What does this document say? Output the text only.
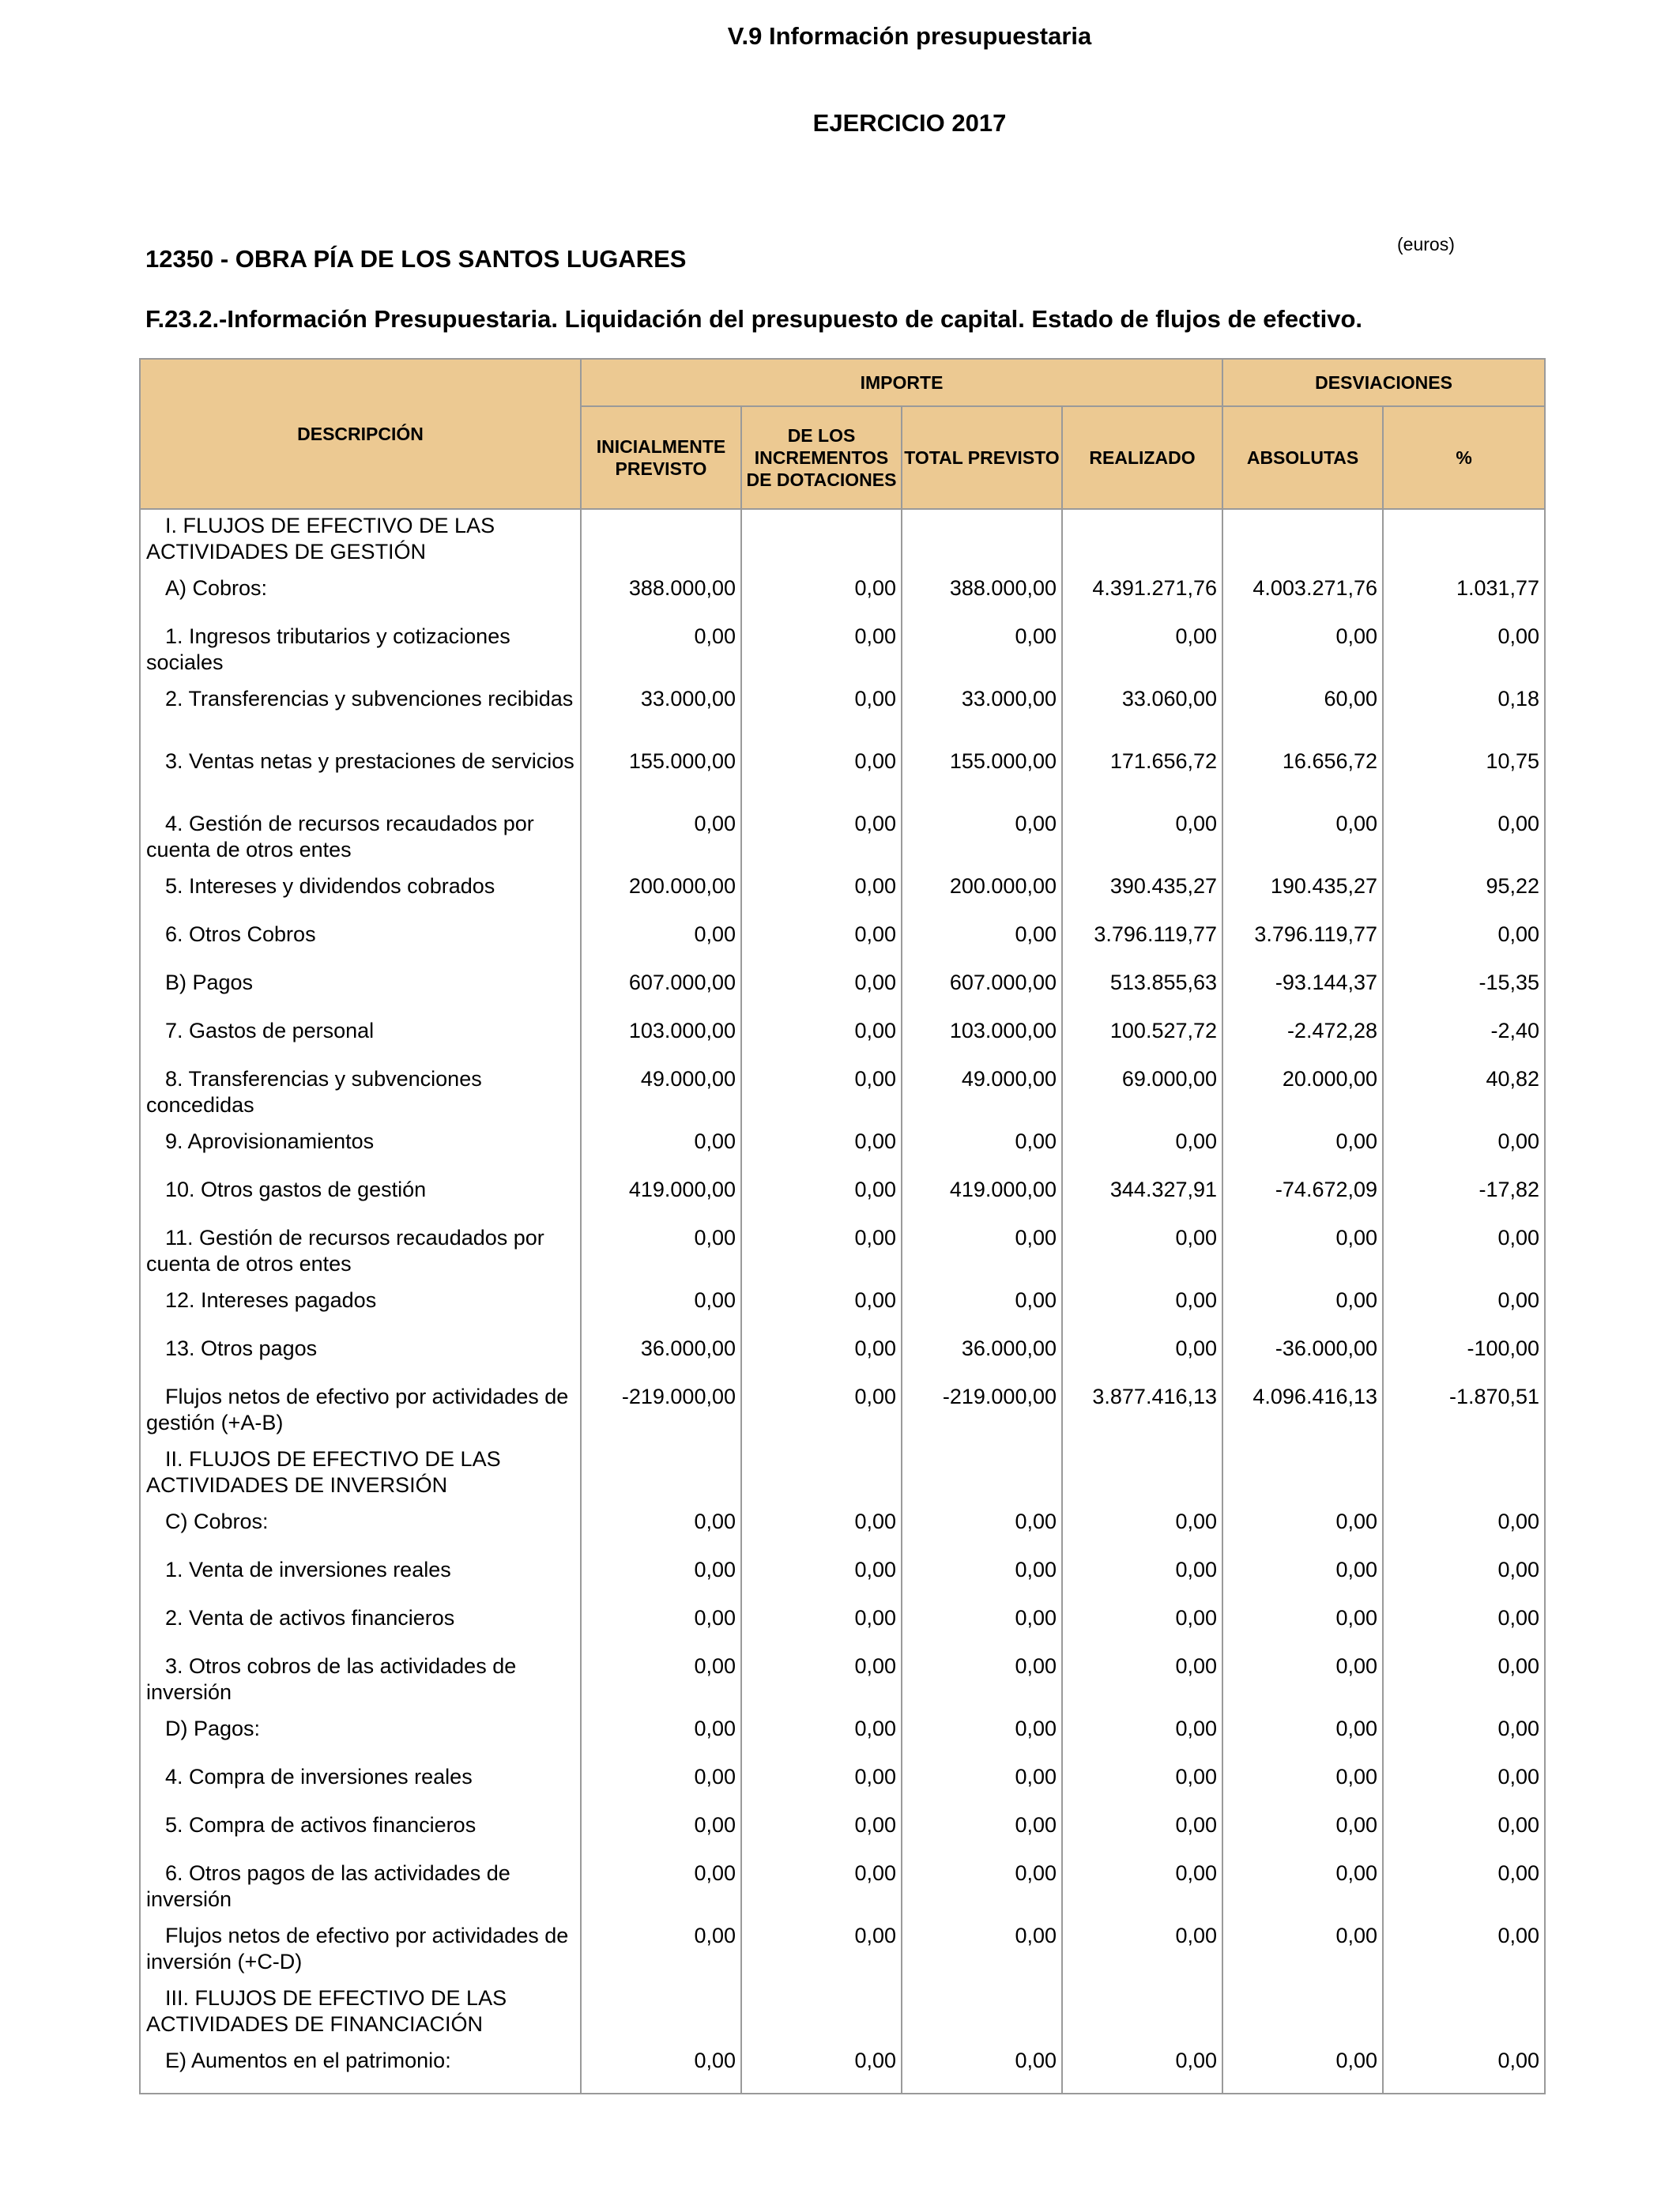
V.9 Información presupuestaria
EJERCICIO 2017
12350 - OBRA PÍA DE LOS SANTOS LUGARES
(euros)
F.23.2.-Información Presupuestaria. Liquidación del presupuesto de capital. Estado de flujos de efectivo.
DESCRIPCIÓN	IMPORTE				DESVIACIONES	
	INICIALMENTE PREVISTO	DE LOS INCREMENTOS DE DOTACIONES	TOTAL PREVISTO	REALIZADO	ABSOLUTAS	%
I. FLUJOS DE EFECTIVO DE LAS ACTIVIDADES DE GESTIÓN						
A) Cobros:	388.000,00	0,00	388.000,00	4.391.271,76	4.003.271,76	1.031,77
1. Ingresos tributarios y cotizaciones sociales	0,00	0,00	0,00	0,00	0,00	0,00
2. Transferencias y subvenciones recibidas	33.000,00	0,00	33.000,00	33.060,00	60,00	0,18
3. Ventas netas y prestaciones de servicios	155.000,00	0,00	155.000,00	171.656,72	16.656,72	10,75
4. Gestión de recursos recaudados por cuenta de otros entes	0,00	0,00	0,00	0,00	0,00	0,00
5. Intereses y dividendos cobrados	200.000,00	0,00	200.000,00	390.435,27	190.435,27	95,22
6. Otros Cobros	0,00	0,00	0,00	3.796.119,77	3.796.119,77	0,00
B) Pagos	607.000,00	0,00	607.000,00	513.855,63	-93.144,37	-15,35
7. Gastos de personal	103.000,00	0,00	103.000,00	100.527,72	-2.472,28	-2,40
8. Transferencias y subvenciones concedidas	49.000,00	0,00	49.000,00	69.000,00	20.000,00	40,82
9. Aprovisionamientos	0,00	0,00	0,00	0,00	0,00	0,00
10. Otros gastos de gestión	419.000,00	0,00	419.000,00	344.327,91	-74.672,09	-17,82
11. Gestión de recursos recaudados por cuenta de otros entes	0,00	0,00	0,00	0,00	0,00	0,00
12. Intereses pagados	0,00	0,00	0,00	0,00	0,00	0,00
13. Otros pagos	36.000,00	0,00	36.000,00	0,00	-36.000,00	-100,00
Flujos netos de efectivo por actividades de gestión (+A-B)	-219.000,00	0,00	-219.000,00	3.877.416,13	4.096.416,13	-1.870,51
II. FLUJOS DE EFECTIVO DE LAS ACTIVIDADES DE INVERSIÓN						
C) Cobros:	0,00	0,00	0,00	0,00	0,00	0,00
1. Venta de inversiones reales	0,00	0,00	0,00	0,00	0,00	0,00
2. Venta de activos financieros	0,00	0,00	0,00	0,00	0,00	0,00
3. Otros cobros de las actividades de inversión	0,00	0,00	0,00	0,00	0,00	0,00
D) Pagos:	0,00	0,00	0,00	0,00	0,00	0,00
4. Compra de inversiones reales	0,00	0,00	0,00	0,00	0,00	0,00
5. Compra de activos financieros	0,00	0,00	0,00	0,00	0,00	0,00
6. Otros pagos de las actividades de inversión	0,00	0,00	0,00	0,00	0,00	0,00
Flujos netos de efectivo por actividades de inversión (+C-D)	0,00	0,00	0,00	0,00	0,00	0,00
III. FLUJOS DE EFECTIVO DE LAS ACTIVIDADES DE FINANCIACIÓN						
E) Aumentos en el patrimonio:	0,00	0,00	0,00	0,00	0,00	0,00
